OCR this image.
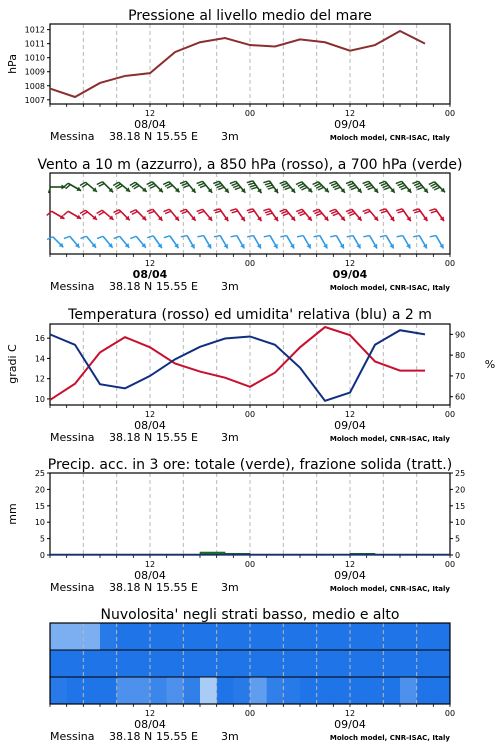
Pressione al livello medio del mare
hPa
12	00	12	00
08/04	09/04
Messina 38.18 N 15.55 E 3m	Moloch model, CNR-ISAC, Italy
1007
1008
1009
1010
1011
1012
Vento a 10 m (azzurro), a 850 hPa (rosso), a 700 hPa (verde)
12	00	12	00
08/04	09/04
Messina 38.18 N 15.55 E 3m	Moloch model, CNR-ISAC, Italy
Temperatura (rosso) ed umidita' relativa (blu) a 2 m
gradi C	%
12	00	12	00
08/04	09/04
Messina 38.18 N 15.55 E 3m	Moloch model, CNR-ISAC, Italy
10
12
14
16
60
70
80
90
Precip. acc. in 3 ore: totale (verde), frazione solida (tratt.)
mm
12	00	12	00
08/04	09/04
Messina 38.18 N 15.55 E 3m	Moloch model, CNR-ISAC, Italy
0	0
5	5
10	10
15	15
20	20
25	25
Nuvolosita' negli strati basso, medio e alto
12	00	12	00
08/04	09/04
Messina 38.18 N 15.55 E 3m	Moloch model, CNR-ISAC, Italy
